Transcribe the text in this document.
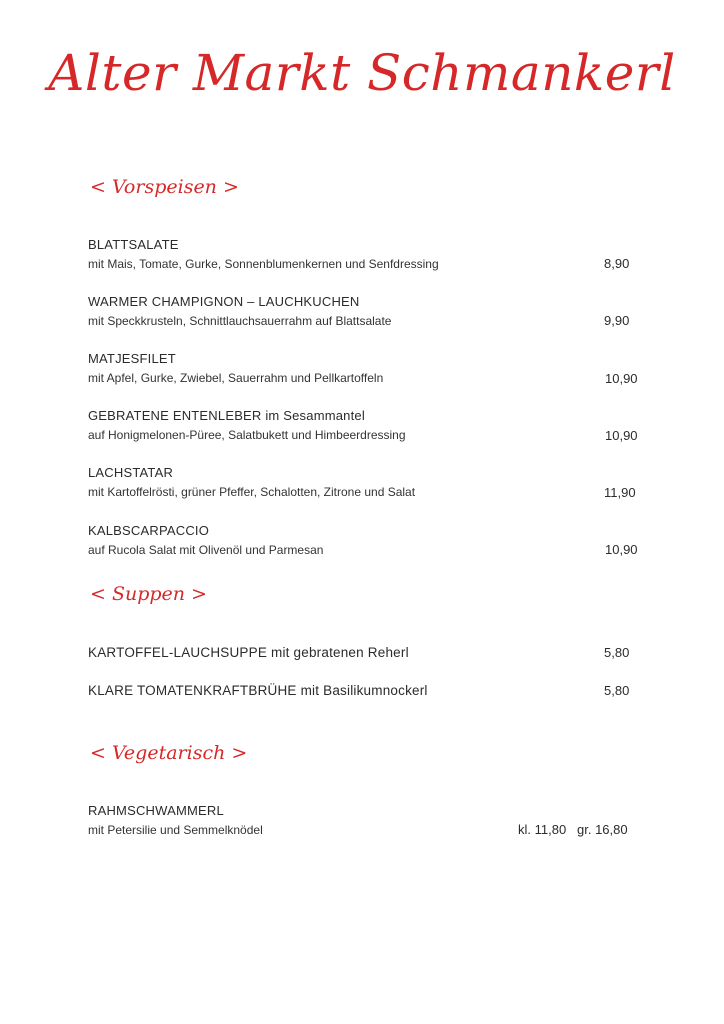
Alter Markt Schmankerl
< Vorspeisen >
BLATTSALATE
mit Mais, Tomate, Gurke, Sonnenblumenkernen und Senfdressing	8,90
WARMER CHAMPIGNON – LAUCHKUCHEN
mit Speckkrusteln, Schnittlauchsauerrahm auf Blattsalate	9,90
MATJESFILET
mit Apfel, Gurke, Zwiebel, Sauerrahm und Pellkartoffeln	10,90
GEBRATENE ENTENLEBER im Sesammantel
auf Honigmelonen-Püree, Salatbukett und Himbeerdressing	10,90
LACHSTATAR
mit Kartoffelrösti, grüner Pfeffer, Schalotten, Zitrone und Salat	11,90
KALBSCARPACCIO
auf Rucola Salat mit Olivenöl und Parmesan	10,90
< Suppen >
KARTOFFEL-LAUCHSUPPE mit gebratenen Reherl	5,80
KLARE TOMATENKRAFTBRÜHE mit Basilikumnockerl	5,80
< Vegetarisch >
RAHMSCHWAMMERL
mit Petersilie und Semmelknödel	kl. 11,80   gr. 16,80
